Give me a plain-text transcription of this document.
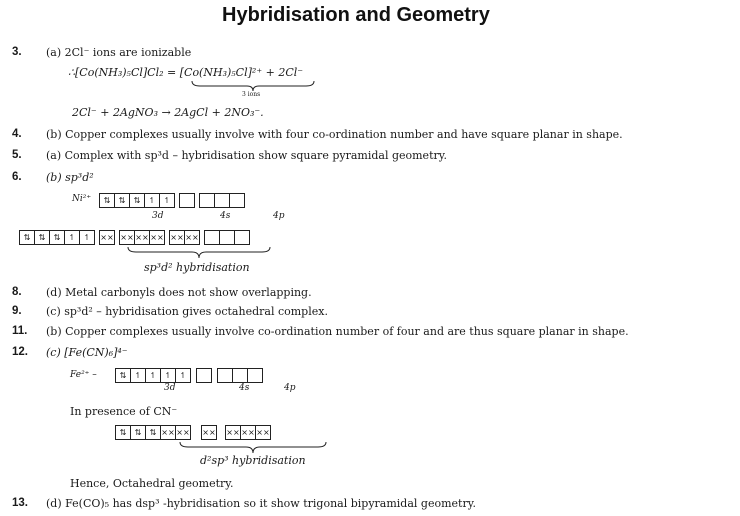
Hybridisation and Geometry
3. (a) 2Cl⁻ ions are ionizable
∴[Co(NH₃)₅Cl]Cl₂ = [Co(NH₃)₅Cl]²⁺ + 2Cl⁻
3 ions
2Cl⁻ + 2AgNO₃ → 2AgCl + 2NO₃⁻.
4. (b) Copper complexes usually involve with four co-ordination number and have square planar in shape.
5. (a) Complex with sp³d – hybridisation show square pyramidal geometry.
6. (b) sp³d²
Ni²⁺	⇅	⇅	⇅	↿	↿
3d	4s	4p
⇅	⇅	⇅	↿	↿	×× ×× ×× ×× ×× ××
sp³d² hybridisation
8. (d) Metal carbonyls does not show overlapping.
9. (c) sp³d² – hybridisation gives octahedral complex.
11. (b) Copper complexes usually involve co-ordination number of four and are thus square planar in shape.
12. (c) [Fe(CN)₆]⁴⁻
Fe²⁺ –	⇅	↿	↿	↿	↿
3d	4s	4p
In presence of CN⁻
⇅	⇅	⇅ ×× ×× ×× ×× ×× ××
d²sp³ hybridisation
Hence, Octahedral geometry.
13. (d) Fe(CO)₅ has dsp³ -hybridisation so it show trigonal bipyramidal geometry.
